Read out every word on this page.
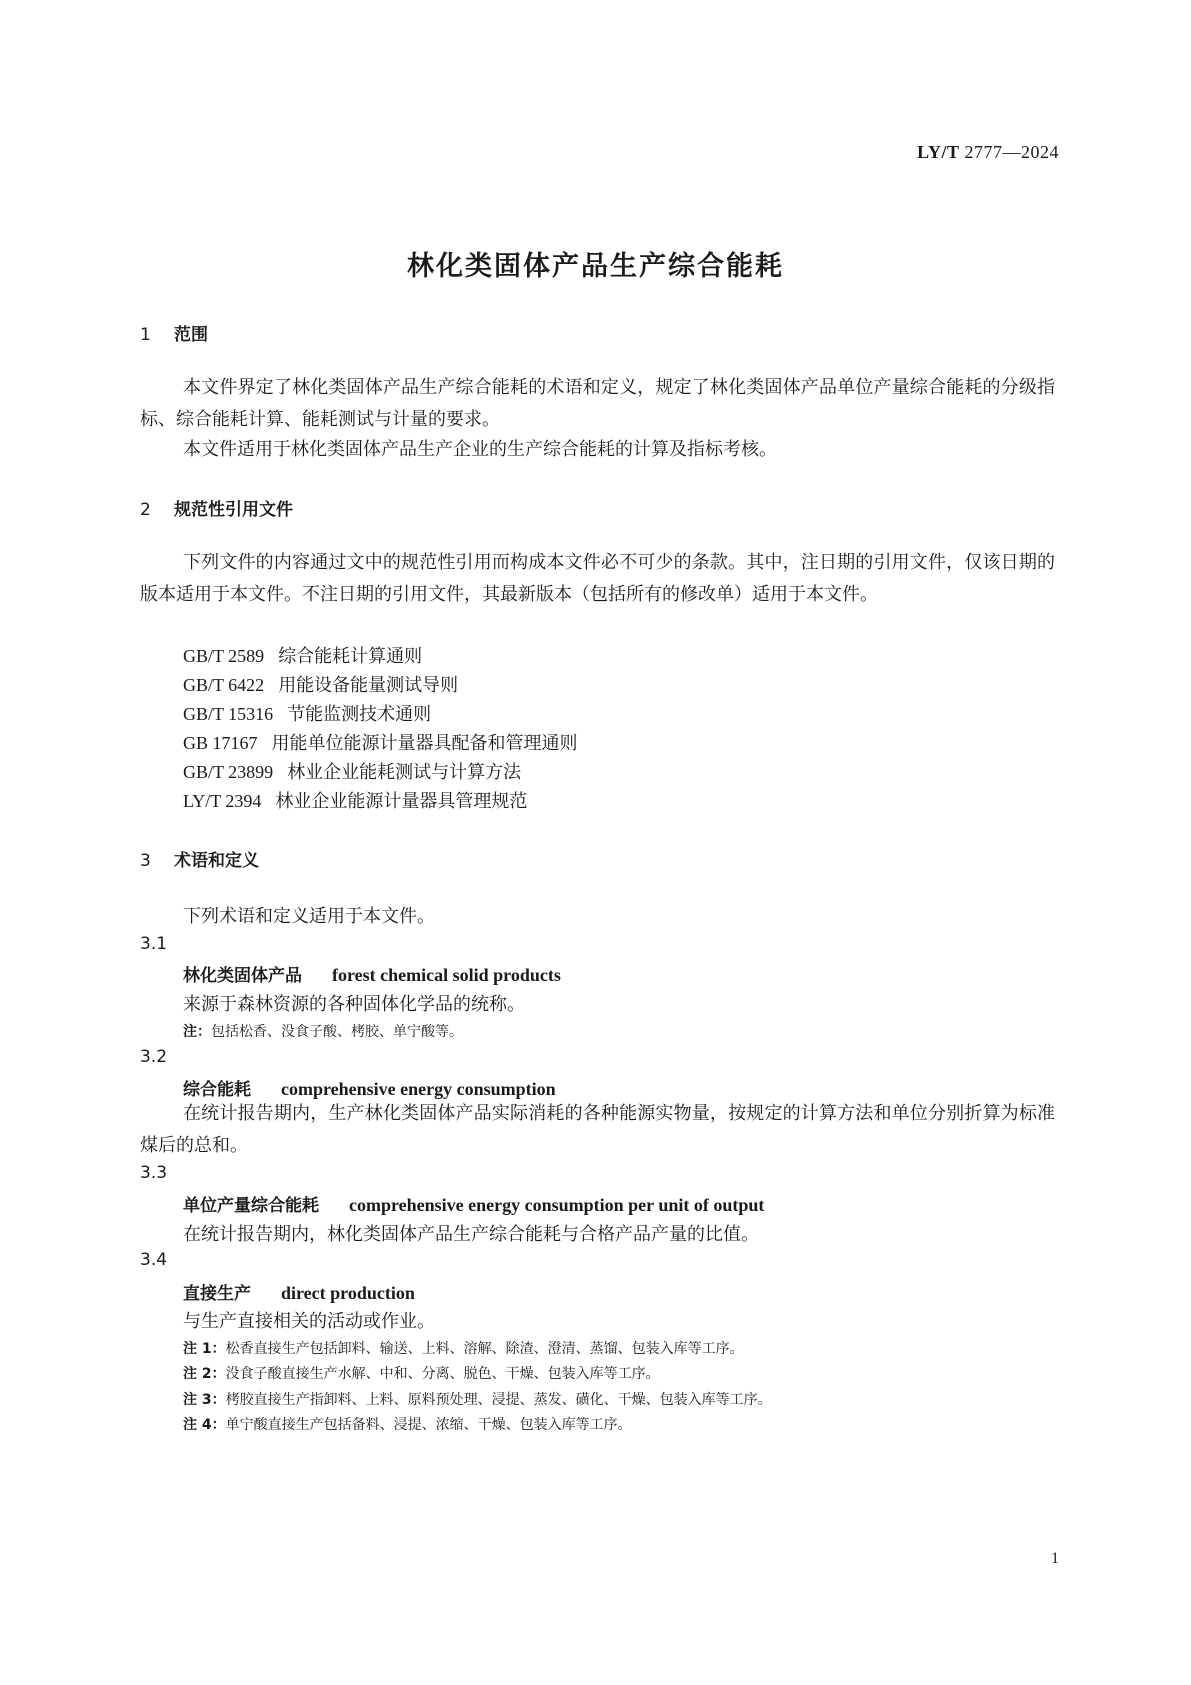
LY/T 2777—2024
林化类固体产品生产综合能耗
1 范围
本文件界定了林化类固体产品生产综合能耗的术语和定义，规定了林化类固体产品单位产量综合能耗的分级指标、综合能耗计算、能耗测试与计量的要求。
本文件适用于林化类固体产品生产企业的生产综合能耗的计算及指标考核。
2 规范性引用文件
下列文件的内容通过文中的规范性引用而构成本文件必不可少的条款。其中，注日期的引用文件，仅该日期的版本适用于本文件。不注日期的引用文件，其最新版本（包括所有的修改单）适用于本文件。
GB/T 2589 综合能耗计算通则
GB/T 6422 用能设备能量测试导则
GB/T 15316 节能监测技术通则
GB 17167 用能单位能源计量器具配备和管理通则
GB/T 23899 林业企业能耗测试与计算方法
LY/T 2394 林业企业能源计量器具管理规范
3 术语和定义
下列术语和定义适用于本文件。
3.1
林化类固体产品 forest chemical solid products
来源于森林资源的各种固体化学品的统称。
注：包括松香、没食子酸、栲胶、单宁酸等。
3.2
综合能耗 comprehensive energy consumption
在统计报告期内，生产林化类固体产品实际消耗的各种能源实物量，按规定的计算方法和单位分别折算为标准煤后的总和。
3.3
单位产量综合能耗 comprehensive energy consumption per unit of output
在统计报告期内，林化类固体产品生产综合能耗与合格产品产量的比值。
3.4
直接生产 direct production
与生产直接相关的活动或作业。
注 1：松香直接生产包括卸料、输送、上料、溶解、除渣、澄清、蒸馏、包装入库等工序。
注 2：没食子酸直接生产水解、中和、分离、脱色、干燥、包装入库等工序。
注 3：栲胶直接生产指卸料、上料、原料预处理、浸提、蒸发、磺化、干燥、包装入库等工序。
注 4：单宁酸直接生产包括备料、浸提、浓缩、干燥、包装入库等工序。
1
